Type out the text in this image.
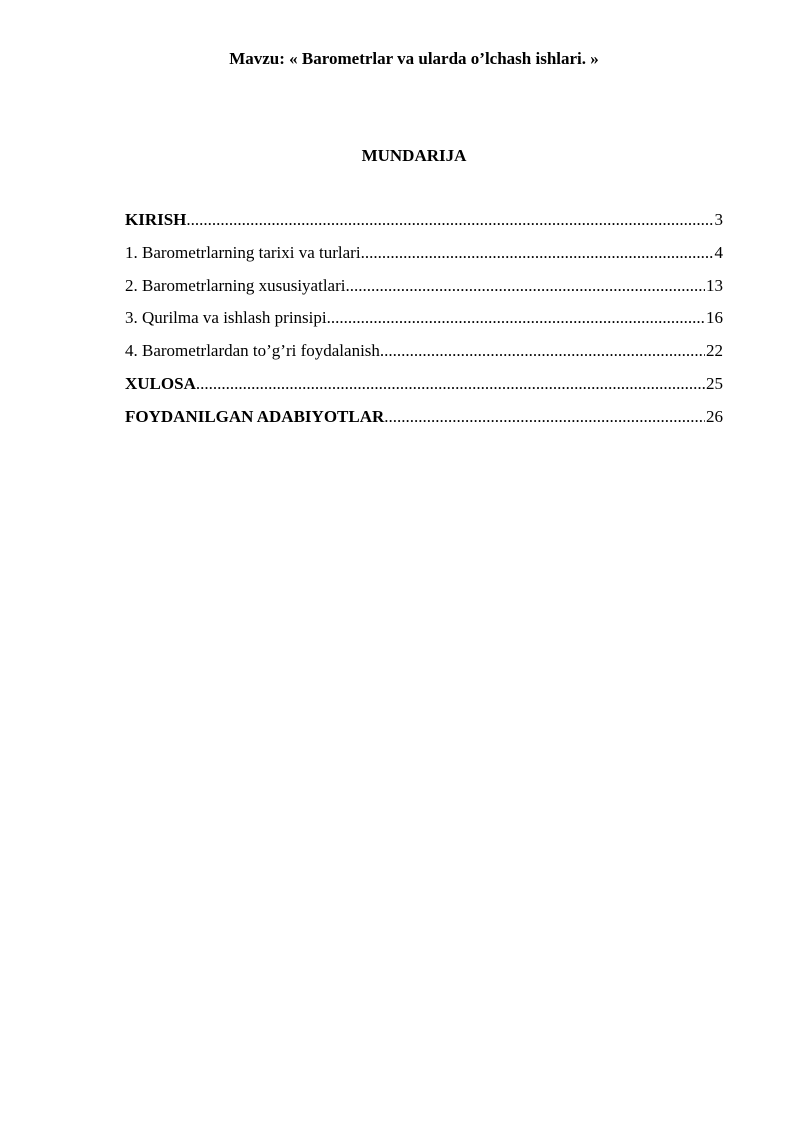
Mavzu: « Barometrlar va ularda o’lchash ishlari. »

MUNDARIJA

KIRISH .....	3
1. Barometrlarning tarixi va turlari .....	4
2. Barometrlarning xususiyatlari .....	13
3. Qurilma va ishlash prinsipi .....	16
4. Barometrlardan to’g’ri foydalanish .....	22
XULOSA .....	25
FOYDANILGAN ADABIYOTLAR .....	26
